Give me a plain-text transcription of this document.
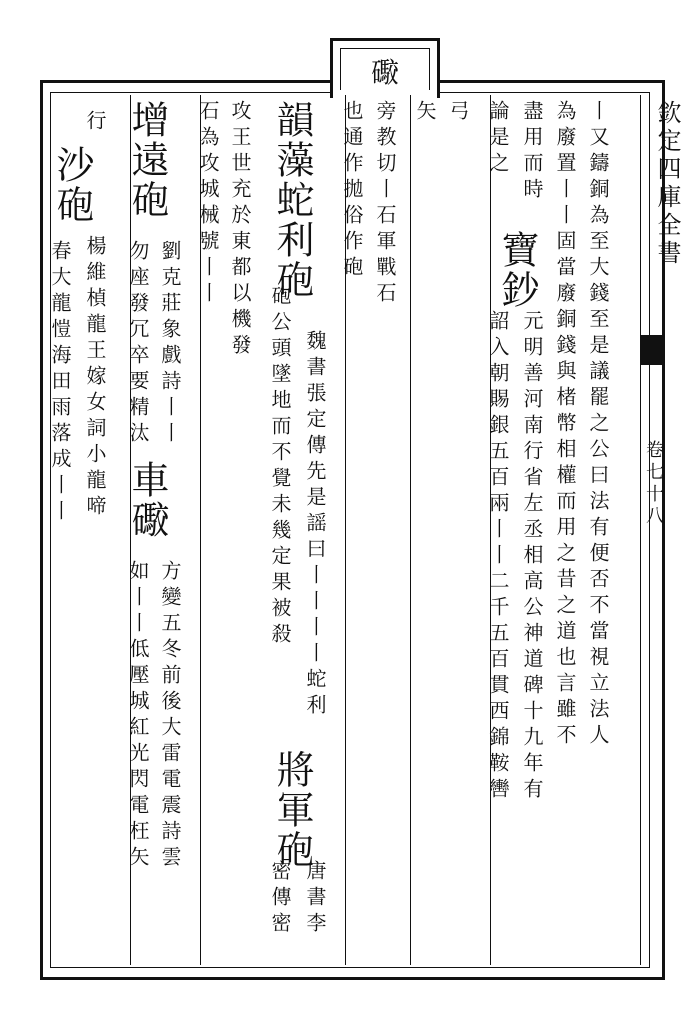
礮
欽定四庫全書
卷七十八
丨又鑄銅為至大錢至是議罷之公曰法有便否不當視立法人
為廢置丨丨固當廢銅錢與楮幣相權而用之昔之道也言雖不
盡用而時
論是之
寶鈔
元明善河南行省左丞相高公神道碑十九年有
詔入朝賜銀五百兩丨丨二千五百貫西錦鞍轡
弓
矢
旁教切丨石軍戰石
也通作拋俗作砲
韻藻蛇利砲
魏書張定傳先是謡曰丨丨丨丨蛇利
砲公頭墜地而不覺未幾定果被殺
將軍砲
唐書李
密傳密
攻王世充於東都以機發
石為攻城械號丨丨
增遠砲
劉克莊象戲詩丨丨
勿座發冗卒要精汰
車礮
方變五冬前後大雷電震詩雲
如丨丨低壓城紅光閃電枉矢
行
沙砲
楊維楨龍王嫁女詞小龍啼
春大龍愷海田雨落成丨丨
